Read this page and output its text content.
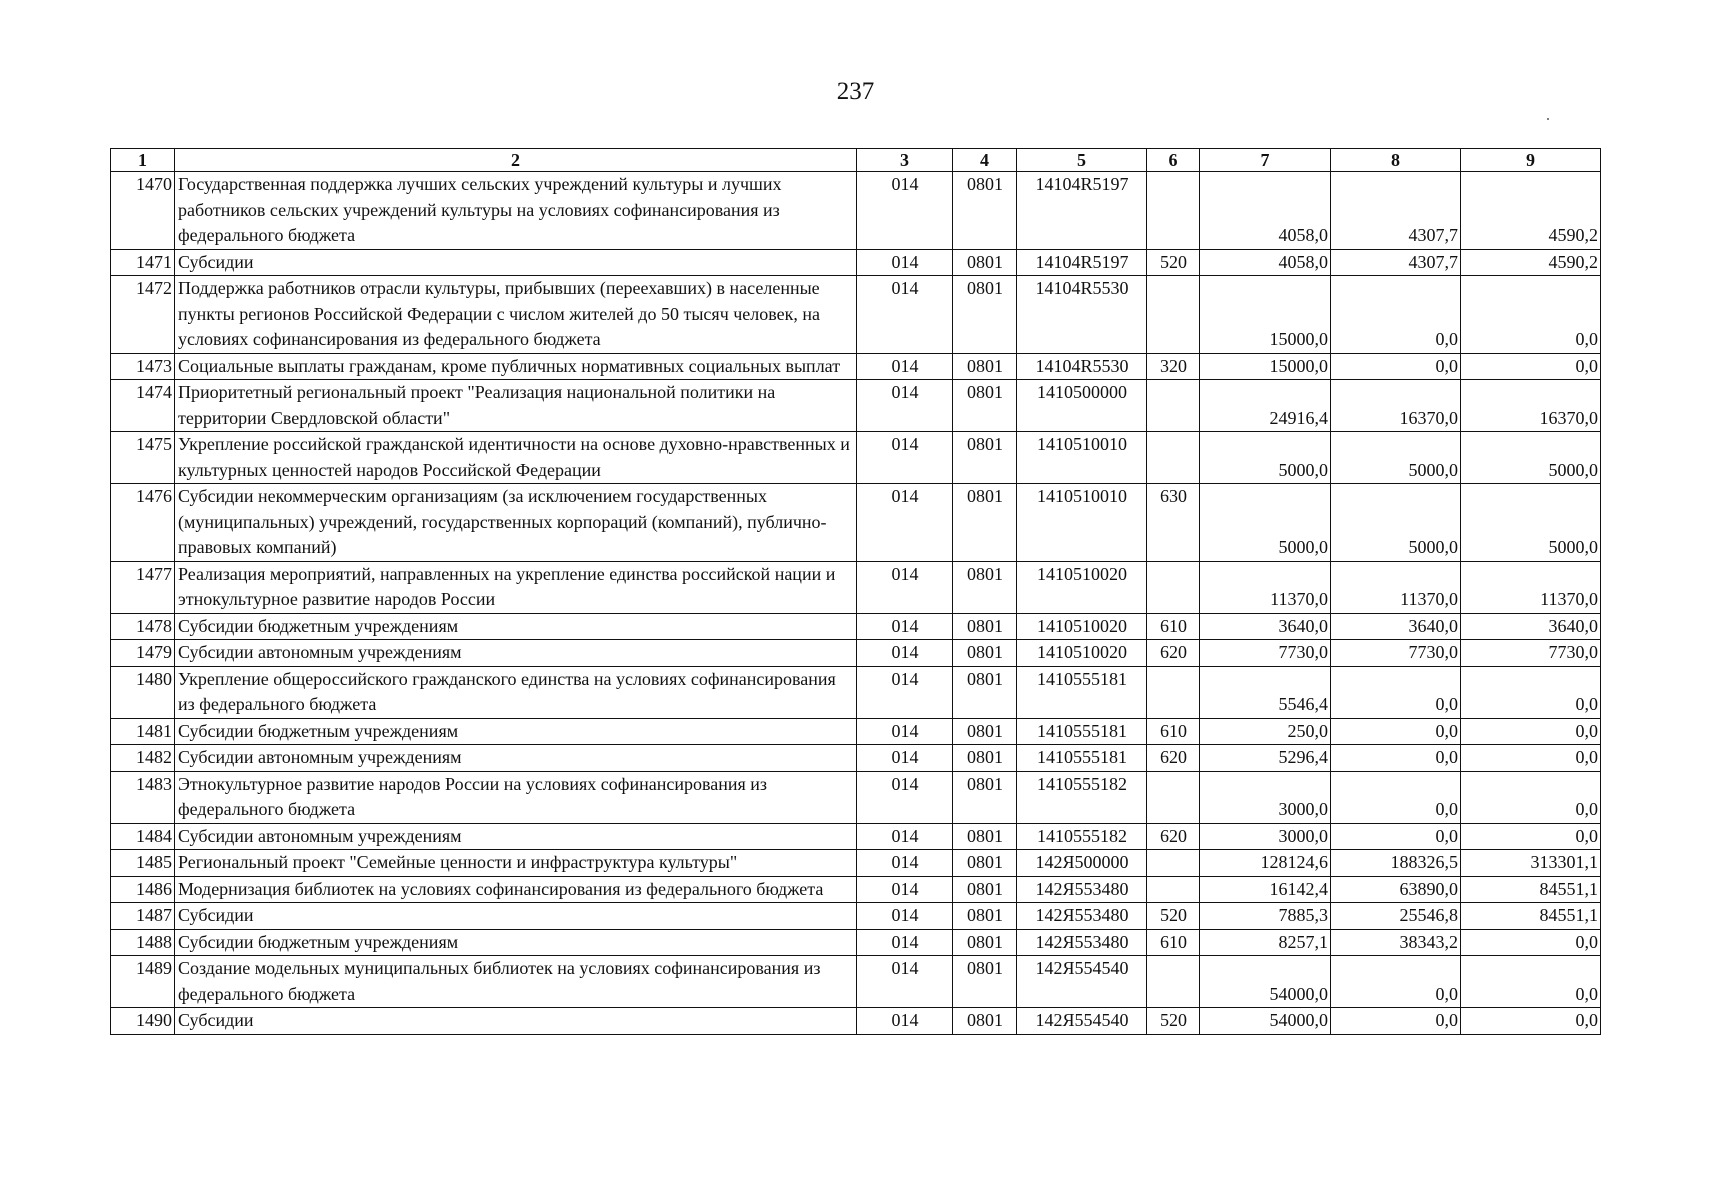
237
1	2	3	4	5	6	7	8	9
1470	Государственная поддержка лучших сельских учреждений культуры и лучших работников сельских учреждений культуры на условиях софинансирования из федерального бюджета	014	0801	14104R5197		4058,0	4307,7	4590,2
1471	Субсидии	014	0801	14104R5197	520	4058,0	4307,7	4590,2
1472	Поддержка работников отрасли культуры, прибывших (переехавших) в населенные пункты регионов Российской Федерации с числом жителей до 50 тысяч человек, на условиях софинансирования из федерального бюджета	014	0801	14104R5530		15000,0	0,0	0,0
1473	Социальные выплаты гражданам, кроме публичных нормативных социальных выплат	014	0801	14104R5530	320	15000,0	0,0	0,0
1474	Приоритетный региональный проект "Реализация национальной политики на территории Свердловской области"	014	0801	1410500000		24916,4	16370,0	16370,0
1475	Укрепление российской гражданской идентичности на основе духовно-нравственных и культурных ценностей народов Российской Федерации	014	0801	1410510010		5000,0	5000,0	5000,0
1476	Субсидии некоммерческим организациям (за исключением государственных (муниципальных) учреждений, государственных корпораций (компаний), публично-правовых компаний)	014	0801	1410510010	630	5000,0	5000,0	5000,0
1477	Реализация мероприятий, направленных на укрепление единства российской нации и этнокультурное развитие народов России	014	0801	1410510020		11370,0	11370,0	11370,0
1478	Субсидии бюджетным учреждениям	014	0801	1410510020	610	3640,0	3640,0	3640,0
1479	Субсидии автономным учреждениям	014	0801	1410510020	620	7730,0	7730,0	7730,0
1480	Укрепление общероссийского гражданского единства на условиях софинансирования из федерального бюджета	014	0801	1410555181		5546,4	0,0	0,0
1481	Субсидии бюджетным учреждениям	014	0801	1410555181	610	250,0	0,0	0,0
1482	Субсидии автономным учреждениям	014	0801	1410555181	620	5296,4	0,0	0,0
1483	Этнокультурное развитие народов России на условиях софинансирования из федерального бюджета	014	0801	1410555182		3000,0	0,0	0,0
1484	Субсидии автономным учреждениям	014	0801	1410555182	620	3000,0	0,0	0,0
1485	Региональный проект "Семейные ценности и инфраструктура культуры"	014	0801	142Я500000		128124,6	188326,5	313301,1
1486	Модернизация библиотек на условиях софинансирования из федерального бюджета	014	0801	142Я553480		16142,4	63890,0	84551,1
1487	Субсидии	014	0801	142Я553480	520	7885,3	25546,8	84551,1
1488	Субсидии бюджетным учреждениям	014	0801	142Я553480	610	8257,1	38343,2	0,0
1489	Создание модельных муниципальных библиотек на условиях софинансирования из федерального бюджета	014	0801	142Я554540		54000,0	0,0	0,0
1490	Субсидии	014	0801	142Я554540	520	54000,0	0,0	0,0
